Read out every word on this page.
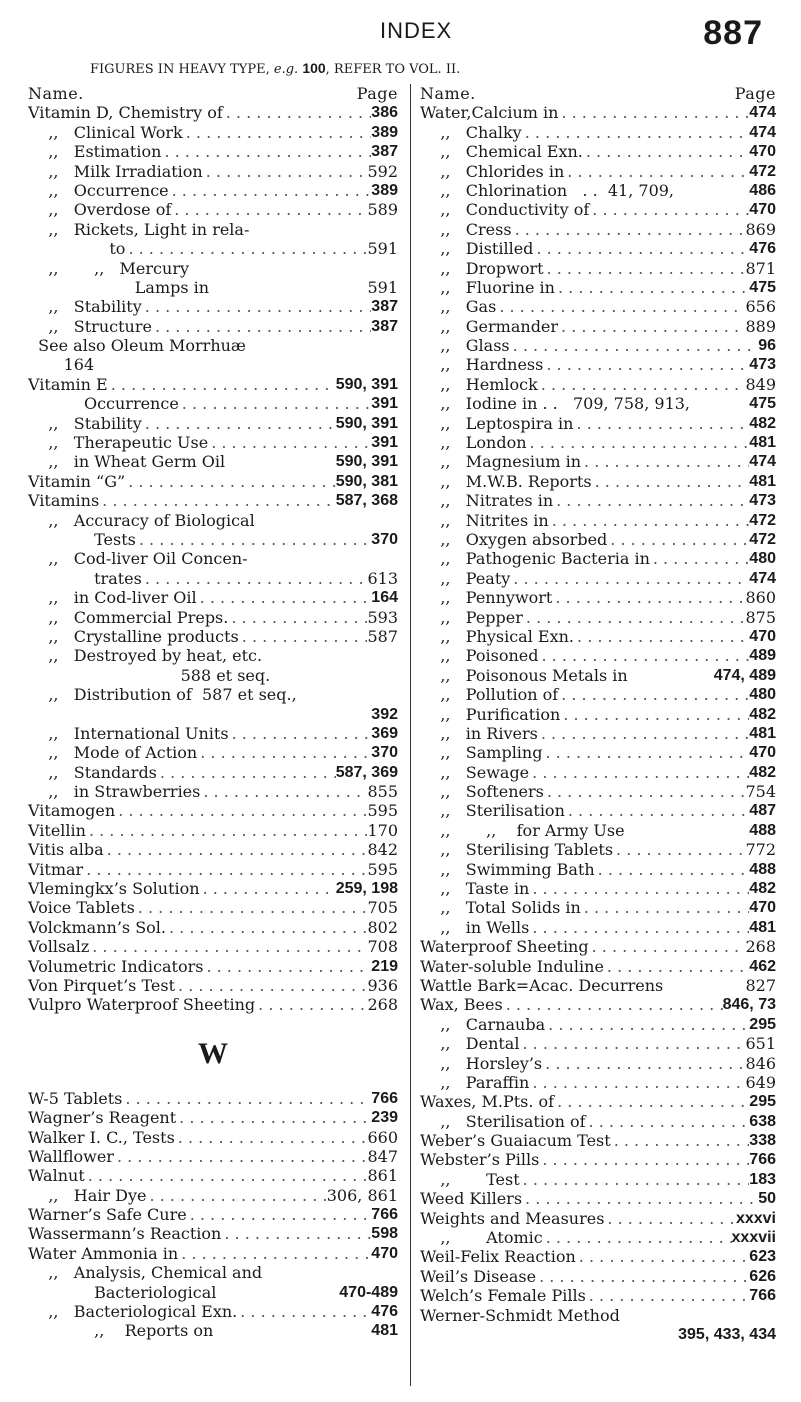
INDEX	887
FIGURES IN HEAVY TYPE, e.g. 100, REFER TO VOL. II.
Name.	Page
Vitamin D, Chemistry of . .	386
,,   Clinical Work . .	389
,,   Estimation . .	387
,,   Milk Irradiation . .	592
,,   Occurrence . .	389
,,   Overdose of . .	589
,,   Rickets, Light in rela-
to . .	591
,,       ,,   Mercury
Lamps in	591
,,   Stability . .	387
,,   Structure . .	387
See also Oleum Morrhuæ
164
Vitamin E . .	590, 391
Occurrence . .	391
,,   Stability . .	590, 391
,,   Therapeutic Use . .	391
,,   in Wheat Germ Oil	590, 391
Vitamin “G” . .	590, 381
Vitamins . .	587, 368
,,   Accuracy of Biological
Tests . .	370
,,   Cod-liver Oil Concen-
trates . .	613
,,   in Cod-liver Oil . .	164
,,   Commercial Preps. . .	593
,,   Crystalline products . .	587
,,   Destroyed by heat, etc.
588 et seq.
,,   Distribution of  587 et seq.,
392
,,   International Units . .	369
,,   Mode of Action . .	370
,,   Standards . .	587, 369
,,   in Strawberries . .	855
Vitamogen . .	595
Vitellin . .	170
Vitis alba . .	842
Vitmar . .	595
Vlemingkx’s Solution . .	259, 198
Voice Tablets . .	705
Volckmann’s Sol. . .	802
Vollsalz . .	708
Volumetric Indicators . .	219
Von Pirquet’s Test . .	936
Vulpro Waterproof Sheeting . .	268
W
W-5 Tablets . .	766
Wagner’s Reagent . .	239
Walker I. C., Tests . .	660
Wallflower . .	847
Walnut . .	861
,,   Hair Dye . .	306, 861
Warner’s Safe Cure . .	766
Wassermann’s Reaction . .	598
Water Ammonia in . .	470
,,   Analysis, Chemical and
Bacteriological	470-489
,,   Bacteriological Exn. . .	476
,,    Reports on	481
Name.	Page
Water,Calcium in . .	474
,,   Chalky . .	474
,,   Chemical Exn. . .	470
,,   Chlorides in . .	472
,,   Chlorination   . .  41, 709,	486
,,   Conductivity of . .	470
,,   Cress . .	869
,,   Distilled . .	476
,,   Dropwort . .	871
,,   Fluorine in . .	475
,,   Gas . .	656
,,   Germander . .	889
,,   Glass . .	96
,,   Hardness . .	473
,,   Hemlock . .	849
,,   Iodine in . .   709, 758, 913,	475
,,   Leptospira in . .	482
,,   London . .	481
,,   Magnesium in . .	474
,,   M.W.B. Reports . .	481
,,   Nitrates in . .	473
,,   Nitrites in . .	472
,,   Oxygen absorbed . .	472
,,   Pathogenic Bacteria in . .	480
,,   Peaty . .	474
,,   Pennywort . .	860
,,   Pepper . .	875
,,   Physical Exn. . .	470
,,   Poisoned . .	489
,,   Poisonous Metals in	474, 489
,,   Pollution of . .	480
,,   Purification . .	482
,,   in Rivers . .	481
,,   Sampling . .	470
,,   Sewage . .	482
,,   Softeners . .	754
,,   Sterilisation . .	487
,,       ,,    for Army Use	488
,,   Sterilising Tablets . .	772
,,   Swimming Bath . .	488
,,   Taste in . .	482
,,   Total Solids in . .	470
,,   in Wells . .	481
Waterproof Sheeting . .	268
Water-soluble Induline . .	462
Wattle Bark=Acac. Decurrens	827
Wax, Bees . .	846, 73
,,   Carnauba . .	295
,,   Dental . .	651
,,   Horsley’s . .	846
,,   Paraffin . .	649
Waxes, M.Pts. of . .	295
,,   Sterilisation of . .	638
Weber’s Guaiacum Test . .	338
Webster’s Pills . .	766
,,       Test . .	183
Weed Killers . .	50
Weights and Measures . .	xxxvi
,,       Atomic . .	xxxvii
Weil-Felix Reaction . .	623
Weil’s Disease . .	626
Welch’s Female Pills . .	766
Werner-Schmidt Method
395, 433, 434
